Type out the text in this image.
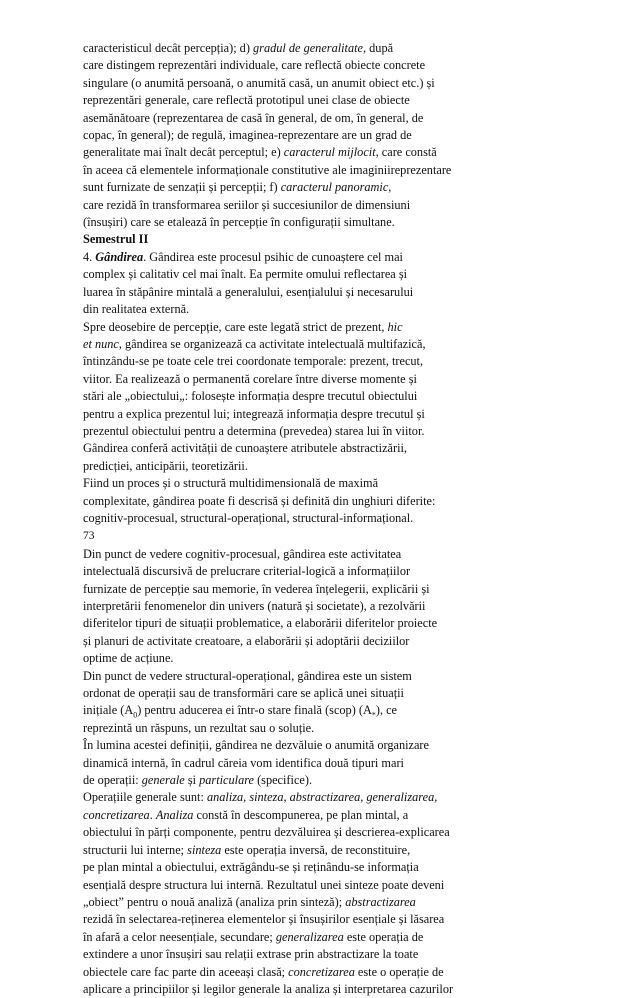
caracteristicul decât percepția); d) gradul de generalitate, după
care distingem reprezentări individuale, care reflectă obiecte concrete
singulare (o anumită persoană, o anumită casă, un anumit obiect etc.) și
reprezentări generale, care reflectă prototipul unei clase de obiecte
asemănătoare (reprezentarea de casă în general, de om, în general, de
copac, în general); de regulă, imaginea-reprezentare are un grad de
generalitate mai înalt decât perceptul; e) caracterul mijlocit, care constă
în aceea că elementele informaționale constitutive ale imaginiireprezentare
sunt furnizate de senzații și percepții; f) caracterul panoramic,
care rezidă în transformarea seriilor și succesiunilor de dimensiuni
(însușiri) care se etalează în percepție în configurații simultane.
Semestrul II
4. Gândirea. Gândirea este procesul psihic de cunoaștere cel mai
complex și calitativ cel mai înalt. Ea permite omului reflectarea și
luarea în stăpânire mintală a generalului, esențialului și necesarului
din realitatea externă.
Spre deosebire de percepție, care este legată strict de prezent, hic
et nunc, gândirea se organizează ca activitate intelectuală multifazică,
întinzându-se pe toate cele trei coordonate temporale: prezent, trecut,
viitor. Ea realizează o permanentă corelare între diverse momente și
stări ale „obiectului„: folosește informația despre trecutul obiectului
pentru a explica prezentul lui; integrează informația despre trecutul și
prezentul obiectului pentru a determina (prevedea) starea lui în viitor.
Gândirea conferă activității de cunoaștere atributele abstractizării,
predicției, anticipării, teoretizării.
Fiind un proces și o structură multidimensională de maximă
complexitate, gândirea poate fi descrisă și definită din unghiuri diferite:
cognitiv-procesual, structural-operațional, structural-informațional.
73
Din punct de vedere cognitiv-procesual, gândirea este activitatea
intelectuală discursivă de prelucrare criterial-logică a informațiilor
furnizate de percepție sau memorie, în vederea înțelegerii, explicării și
interpretării fenomenelor din univers (natură și societate), a rezolvării
diferitelor tipuri de situații problematice, a elaborării diferitelor proiecte
și planuri de activitate creatoare, a elaborării și adoptării deciziilor
optime de acțiune.
Din punct de vedere structural-operațional, gândirea este un sistem
ordonat de operații sau de transformări care se aplică unei situații
inițiale $(A_0)$ pentru aducerea ei într-o stare finală (scop) $(A_*)$, ce
reprezintă un răspuns, un rezultat sau o soluție.
În lumina acestei definiții, gândirea ne dezvăluie o anumită organizare
dinamică internă, în cadrul căreia vom identifica două tipuri mari
de operații: generale și particulare (specifice).
Operațiile generale sunt: analiza, sinteza, abstractizarea, generalizarea,
concretizarea. Analiza constă în descompunerea, pe plan mintal, a
obiectului în părți componente, pentru dezvăluirea și descrierea-explicarea
structurii lui interne; sinteza este operația inversă, de reconstituire,
pe plan mintal a obiectului, extrăgându-se și reținându-se informația
esențială despre structura lui internă. Rezultatul unei sinteze poate deveni
„obiect” pentru o nouă analiză (analiza prin sinteză); abstractizarea
rezidă în selectarea-reținerea elementelor și însușirilor esențiale și lăsarea
în afară a celor neesențiale, secundare; generalizarea este operația de
extindere a unor însușiri sau relații extrase prin abstractizare la toate
obiectele care fac parte din aceeași clasă; concretizarea este o operație de
aplicare a principiilor și legilor generale la analiza și interpretarea cazurilor
